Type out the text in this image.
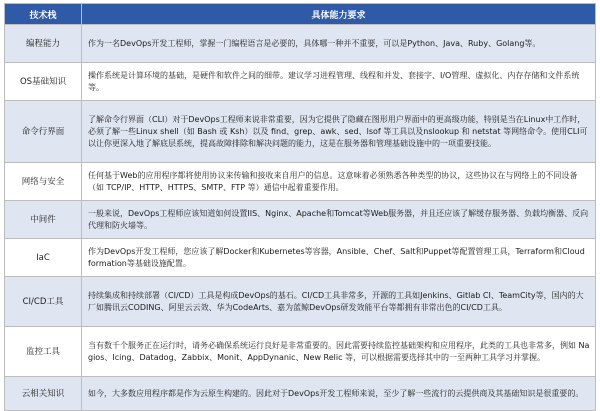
技术栈	具体能力要求
编程能力	作为一名DevOps开发工程师，掌握一门编程语言是必要的，具体哪一种并不重要，可以是Python、Java、Ruby、Golang等。
OS基础知识	操作系统是计算环境的基础，是硬件和软件之间的细带。建议学习进程管理、线程和并发、套接字、I/O管理、虚拟化、内存存储和文件系统等。
命令行界面	了解命令行界面（CLI）对于DevOps工程师来说非常重要，因为它提供了隐藏在图形用户界面中的更高级功能，特别是当在Linux中工作时，必须了解一些Linux shell（如 Bash 或 Ksh）以及 find、grep、awk、sed、lsof 等工具以及nslookup 和 netstat 等网络命令。使用CLI可以让你更深入地了解底层系统，提高故障排除和解决问题的能力，这是在服务器和管理基础设施中的一项重要技能。
网络与安全	任何基于Web的应用程序都将使用协议来传输和接收来自用户的信息。这意味着必须熟悉各种类型的协议，这些协议在与网络上的不同设备（如 TCP/IP、HTTP、HTTPS、SMTP、FTP 等）通信中起着重要作用。
中间件	一般来说，DevOps工程师应该知道如何设置IIS、Nginx、Apache和Tomcat等Web服务器，并且还应该了解缓存服务器、负载均衡器、反向代理和防火墙等。
IaC	作为DevOps开发工程师，您应该了解Docker和Kubernetes等容器，Ansible、Chef、Salt和Puppet等配置管理工具，Terraform和Cloud formation等基础设施配置。
CI/CD工具	持续集成和持续部署（CI/CD）工具是构成DevOps的基石。CI/CD工具非常多，开源的工具如Jenkins、Gitlab CI、TeamCity等，国内的大厂如腾讯云CODING、阿里云云效、华为CodeArts、嘉为蓝鲸DevOps研发效能平台等都拥有非常出色的CI/CD工具。
监控工具	当有数千个服务正在运行时，请务必确保系统运行良好是非常重要的。因此需要持续监控基础架构和应用程序，此类的工具也非常多，例如 Nagios、Icing、Datadog、Zabbix、Monit、AppDynanic、New Relic 等，可以根据需要选择其中的一至两种工具学习并掌握。
云相关知识	如今，大多数应用程序都是作为云原生构建的。因此对于DevOps开发工程师来说，至少了解一些流行的云提供商及其基础知识是很重要的。
